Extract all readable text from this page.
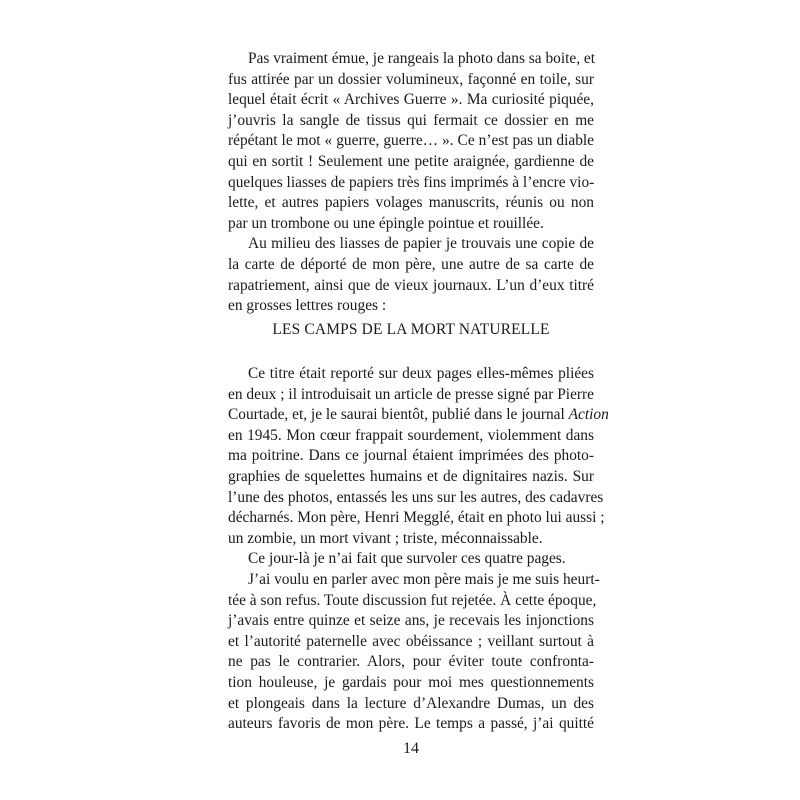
Pas vraiment émue, je rangeais la photo dans sa boite, et
fus attirée par un dossier volumineux, façonné en toile, sur
lequel était écrit « Archives Guerre ». Ma curiosité piquée,
j’ouvris la sangle de tissus qui fermait ce dossier en me
répétant le mot « guerre, guerre… ». Ce n’est pas un diable
qui en sortit ! Seulement une petite araignée, gardienne de
quelques liasses de papiers très fins imprimés à l’encre vio-
lette, et autres papiers volages manuscrits, réunis ou non
par un trombone ou une épingle pointue et rouillée.
Au milieu des liasses de papier je trouvais une copie de
la carte de déporté de mon père, une autre de sa carte de
rapatriement, ainsi que de vieux journaux. L’un d’eux titré
en grosses lettres rouges :
LES CAMPS DE LA MORT NATURELLE
Ce titre était reporté sur deux pages elles-mêmes pliées
en deux ; il introduisait un article de presse signé par Pierre
Courtade, et, je le saurai bientôt, publié dans le journal Action
en 1945. Mon cœur frappait sourdement, violemment dans
ma poitrine. Dans ce journal étaient imprimées des photo-
graphies de squelettes humains et de dignitaires nazis. Sur
l’une des photos, entassés les uns sur les autres, des cadavres
décharnés. Mon père, Henri Megglé, était en photo lui aussi ;
un zombie, un mort vivant ; triste, méconnaissable.
Ce jour-là je n’ai fait que survoler ces quatre pages.
J’ai voulu en parler avec mon père mais je me suis heurt-
tée à son refus. Toute discussion fut rejetée. À cette époque,
j’avais entre quinze et seize ans, je recevais les injonctions
et l’autorité paternelle avec obéissance ; veillant surtout à
ne pas le contrarier. Alors, pour éviter toute confronta-
tion houleuse, je gardais pour moi mes questionnements
et plongeais dans la lecture d’Alexandre Dumas, un des
auteurs favoris de mon père. Le temps a passé, j’ai quitté
14
